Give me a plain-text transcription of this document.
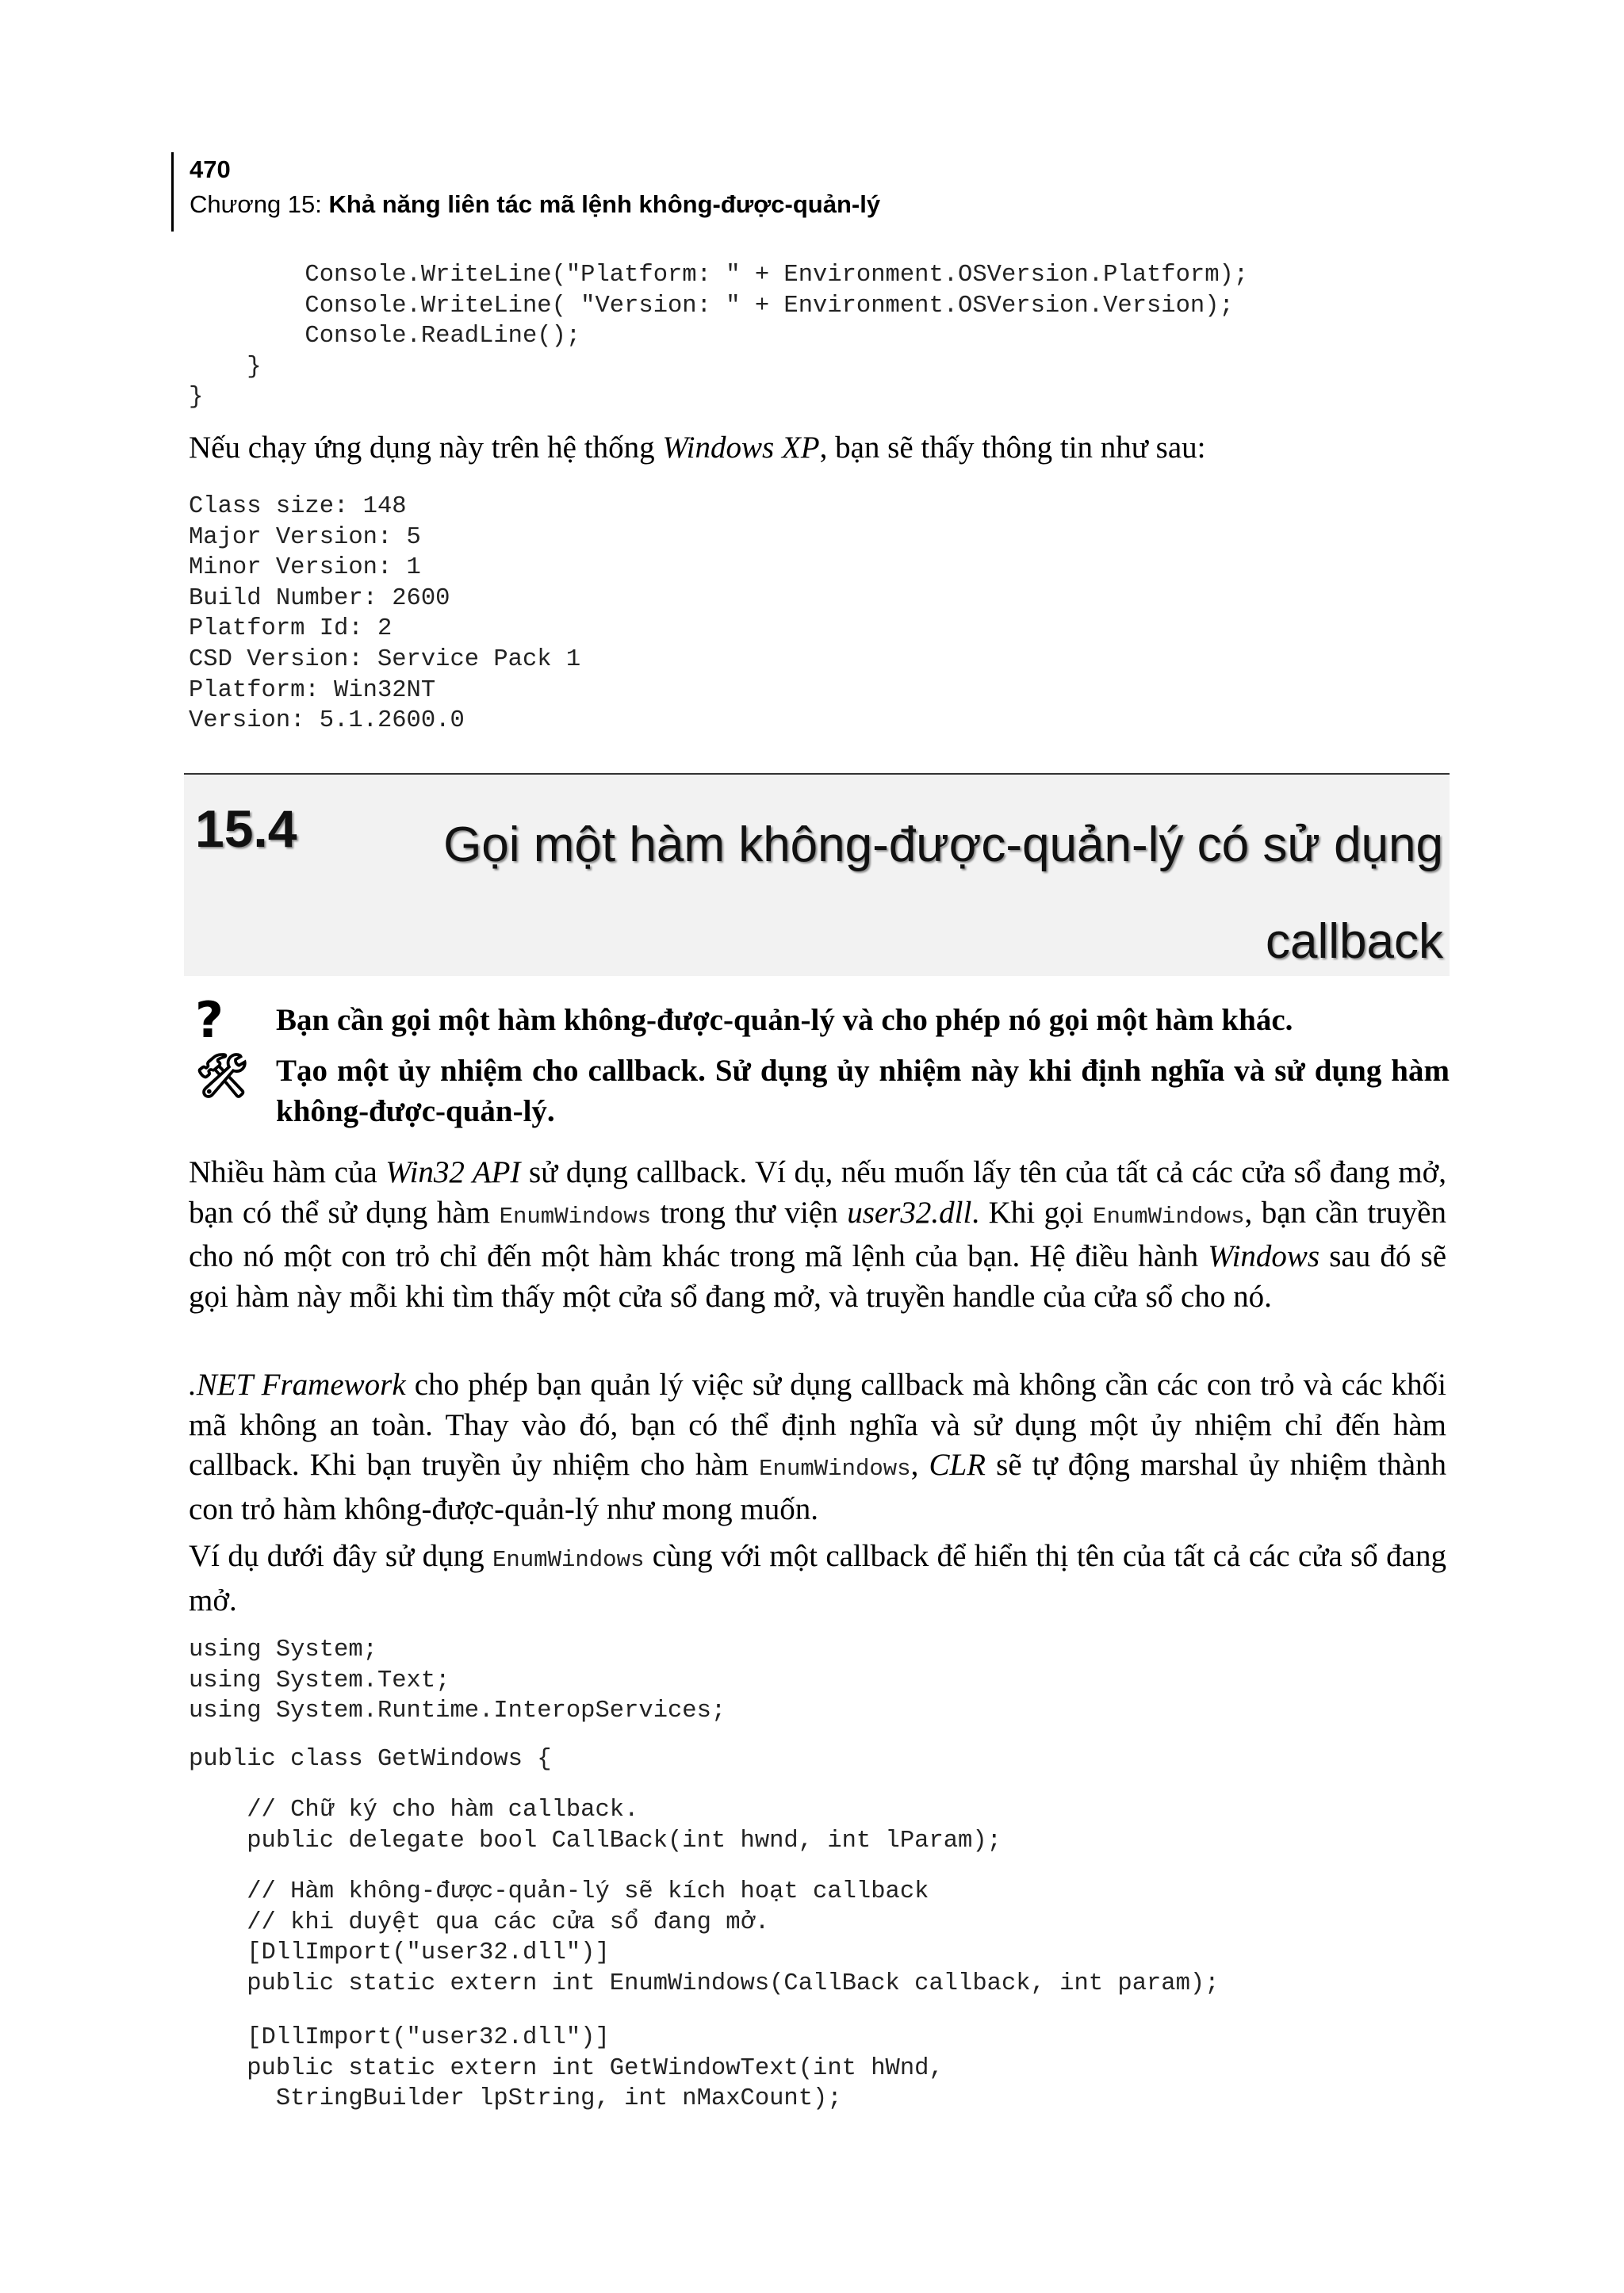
470
Chương 15: Khả năng liên tác mã lệnh không-được-quản-lý
Console.WriteLine("Platform: " + Environment.OSVersion.Platform);
Console.WriteLine( "Version: " + Environment.OSVersion.Version);
Console.ReadLine();
}
}

Nếu chạy ứng dụng này trên hệ thống Windows XP, bạn sẽ thấy thông tin như sau:

Class size: 148
Major Version: 5
Minor Version: 1
Build Number: 2600
Platform Id: 2
CSD Version: Service Pack 1
Platform: Win32NT
Version: 5.1.2600.0
15.4	Gọi một hàm không-được-quản-lý có sử dụng
callback
? Bạn cần gọi một hàm không-được-quản-lý và cho phép nó gọi một hàm khác.

🛠 Tạo một ủy nhiệm cho callback. Sử dụng ủy nhiệm này khi định nghĩa và sử dụng hàm không-được-quản-lý.

Nhiều hàm của Win32 API sử dụng callback. Ví dụ, nếu muốn lấy tên của tất cả các cửa sổ đang mở, bạn có thể sử dụng hàm EnumWindows trong thư viện user32.dll. Khi gọi EnumWindows, bạn cần truyền cho nó một con trỏ chỉ đến một hàm khác trong mã lệnh của bạn. Hệ điều hành Windows sau đó sẽ gọi hàm này mỗi khi tìm thấy một cửa sổ đang mở, và truyền handle của cửa sổ cho nó.

.NET Framework cho phép bạn quản lý việc sử dụng callback mà không cần các con trỏ và các khối mã không an toàn. Thay vào đó, bạn có thể định nghĩa và sử dụng một ủy nhiệm chỉ đến hàm callback. Khi bạn truyền ủy nhiệm cho hàm EnumWindows, CLR sẽ tự động marshal ủy nhiệm thành con trỏ hàm không-được-quản-lý như mong muốn.

Ví dụ dưới đây sử dụng EnumWindows cùng với một callback để hiển thị tên của tất cả các cửa sổ đang mở.

using System;
using System.Text;
using System.Runtime.InteropServices;
public class GetWindows {
// Chữ ký cho hàm callback.
public delegate bool CallBack(int hwnd, int lParam);
// Hàm không-được-quản-lý sẽ kích hoạt callback
// khi duyệt qua các cửa sổ đang mở.
[DllImport("user32.dll")]
public static extern int EnumWindows(CallBack callback, int param);
[DllImport("user32.dll")]
public static extern int GetWindowText(int hWnd,
StringBuilder lpString, int nMaxCount);
